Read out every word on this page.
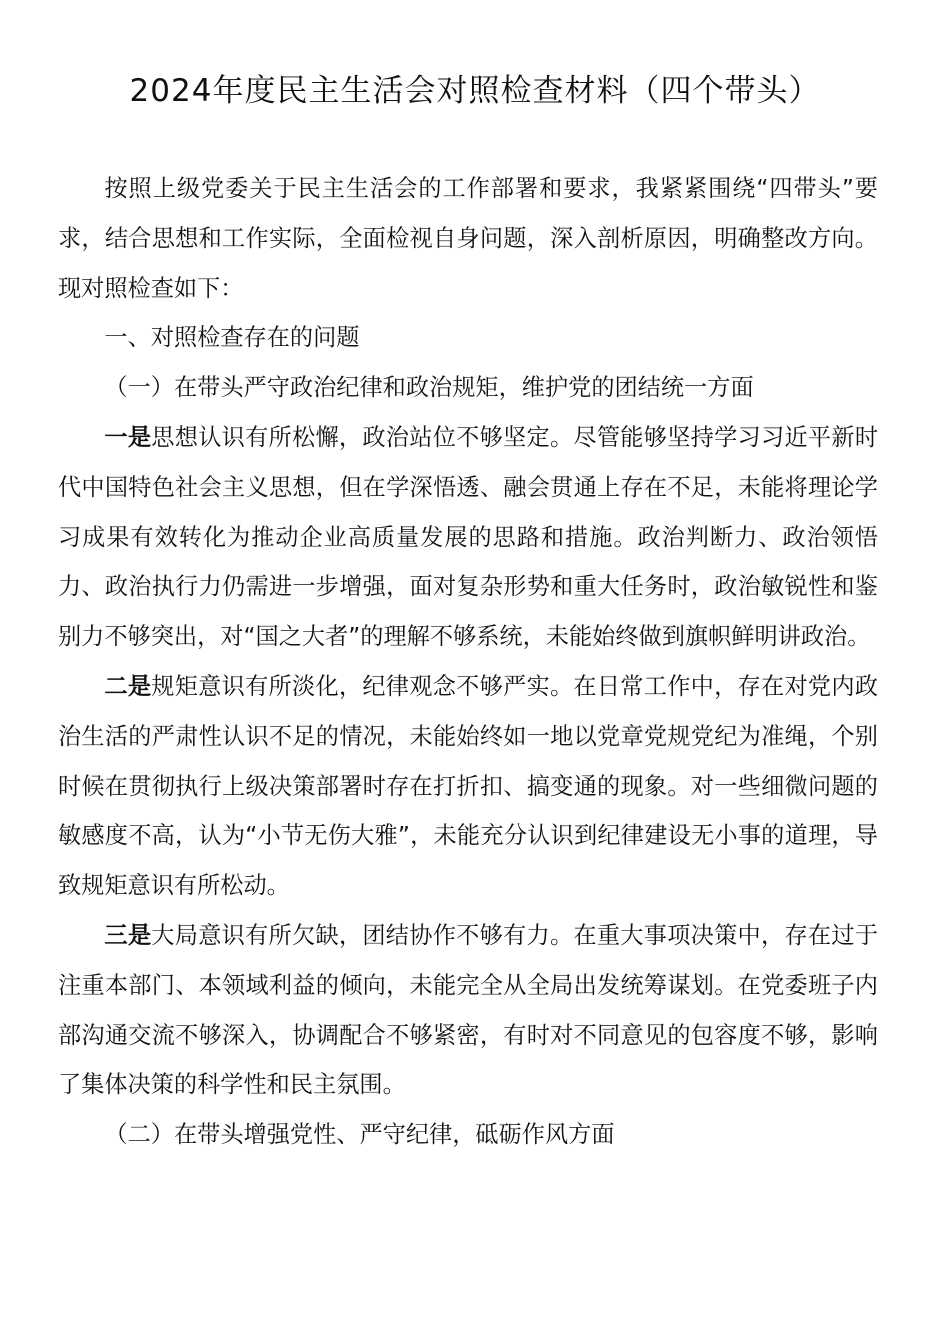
2024年度民主生活会对照检查材料（四个带头）

按照上级党委关于民主生活会的工作部署和要求，我紧紧围绕“四带头”要求，结合思想和工作实际，全面检视自身问题，深入剖析原因，明确整改方向。现对照检查如下：

一、对照检查存在的问题

（一）在带头严守政治纪律和政治规矩，维护党的团结统一方面

一是思想认识有所松懈，政治站位不够坚定。尽管能够坚持学习习近平新时代中国特色社会主义思想，但在学深悟透、融会贯通上存在不足，未能将理论学习成果有效转化为推动企业高质量发展的思路和措施。政治判断力、政治领悟力、政治执行力仍需进一步增强，面对复杂形势和重大任务时，政治敏锐性和鉴别力不够突出，对“国之大者”的理解不够系统，未能始终做到旗帜鲜明讲政治。

二是规矩意识有所淡化，纪律观念不够严实。在日常工作中，存在对党内政治生活的严肃性认识不足的情况，未能始终如一地以党章党规党纪为准绳，个别时候在贯彻执行上级决策部署时存在打折扣、搞变通的现象。对一些细微问题的敏感度不高，认为“小节无伤大雅”，未能充分认识到纪律建设无小事的道理，导致规矩意识有所松动。

三是大局意识有所欠缺，团结协作不够有力。在重大事项决策中，存在过于注重本部门、本领域利益的倾向，未能完全从全局出发统筹谋划。在党委班子内部沟通交流不够深入，协调配合不够紧密，有时对不同意见的包容度不够，影响了集体决策的科学性和民主氛围。

（二）在带头增强党性、严守纪律，砥砺作风方面
